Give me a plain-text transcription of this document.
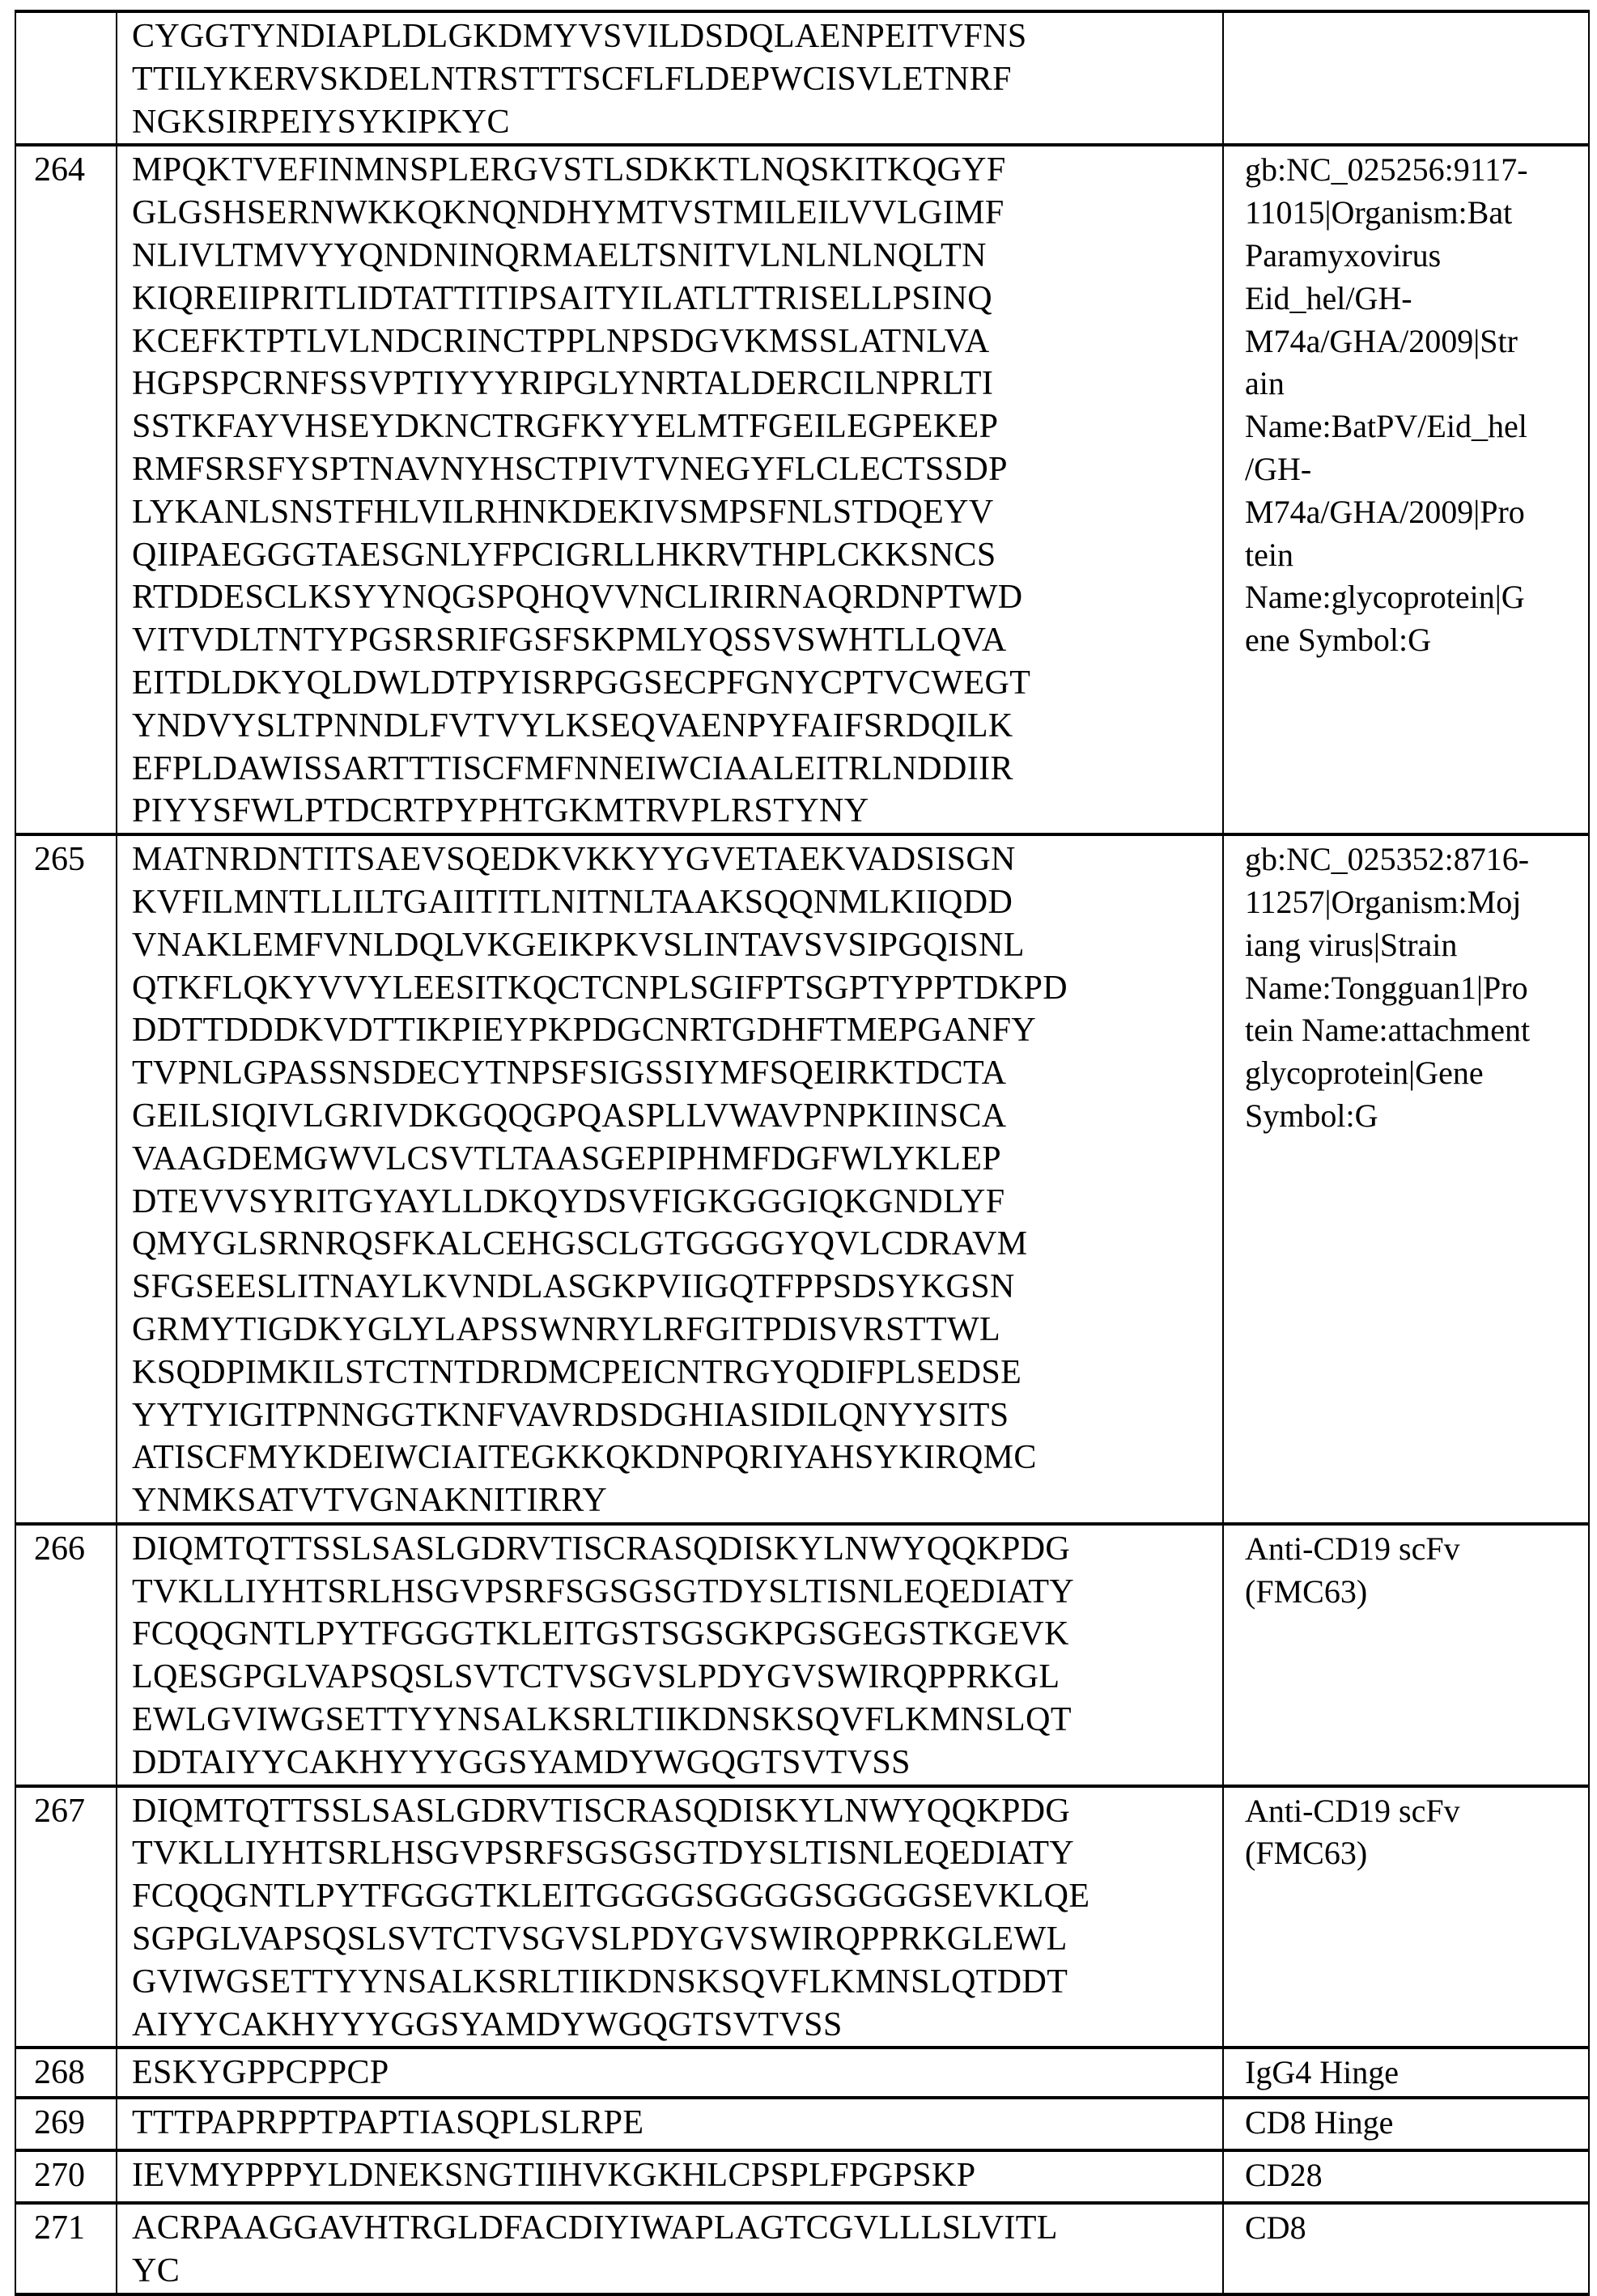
CYGGTYNDIAPLDLGKDMYVSVILDSDQLAENPEITVFNS
TTILYKERVSKDELNTRSTTTSCFLFLDEPWCISVLETNRF
NGKSIRPEIYSYKIPKYC

264	MPQKTVEFINMNSPLERGVSTLSDKKTLNQSKITKQGYF
GLGSHSERNWKKQKNQNDHYMTVSTMILEILVVLGIMF
NLIVLTMVYYQNDNINQRMAELTSNITVLNLNLNQLTN
KIQREIIPRITLIDTATTITIPSAITYILATLTTRISELLPSINQ
KCEFKTPTLVLNDCRINCTPPLNPSDGVKMSSLATNLVA
HGPSPCRNFSSVPTIYYYRIPGLYNRTALDERCILNPRLTI
SSTKFAYVHSEYDKNCTRGFKYYELMTFGEILEGPEKEP
RMFSRSFYSPTNAVNYHSCTPIVTVNEGYFLCLECTSSDP
LYKANLSNSTFHLVILRHNKDEKIVSMPSFNLSTDQEYV
QIIPAEGGGTAESGNLYFPCIGRLLHKRVTHPLCKKSNCS
RTDDESCLKSYYNQGSPQHQVVNCLIRIRNAQRDNPTWD
VITVDLTNTYPGSRSRIFGSFSKPMLYQSSVSWHTLLQVA
EITDLDKYQLDWLDTPYISRPGGSECPFGNYCPTVCWEGT
YNDVYSLTPNNDLFVTVYLKSEQVAENPYFAIFSRDQILK
EFPLDAWISSARTTTISCFMFNNEIWCIAALEITRLNDDIIR
PIYYSFWLPTDCRTPYPHTGKMTRVPLRSTYNY

gb:NC_025256:9117-
11015|Organism:Bat
Paramyxovirus
Eid_hel/GH-
M74a/GHA/2009|Str
ain
Name:BatPV/Eid_hel
/GH-
M74a/GHA/2009|Pro
tein
Name:glycoprotein|G
ene Symbol:G

265	MATNRDNTITSAEVSQEDKVKKYYGVETAEKVADSISGN
KVFILMNTLLILTGAIITITLNITNLTAAKSQQNMLKIIQDD
VNAKLEMFVNLDQLVKGEIKPKVSLINTAVSVSIPGQISNL
QTKFLQKYVVYLEESITKQCTCNPLSGIFPTSGPTYPPTDKPD
DDTTDDDKVDTTIKPIEYPKPDGCNRTGDHFTMEPGANFY
TVPNLGPASSNSDECYTNPSFSIGSSIYMFSQEIRKTDCTA
GEILSIQIVLGRIVDKGQQGPQASPLLVWAVPNPKIINSCA
VAAGDEMGWVLCSVTLTAASGEPIPHMFDGFWLYKLEP
DTEVVSYRITGYAYLLDKQYDSVFIGKGGGIQKGNDLYF
QMYGLSRNRQSFKALCEHGSCLGTGGGGYQVLCDRAVM
SFGSEESLITNAYLKVNDLASGKPVIIGQTFPPSDSYKGSN
GRMYTIGDKYGLYLAPSSWNRYLRFGITPDISVRSTTWL
KSQDPIMKILSTCTNTDRDMCPEICNTRGYQDIFPLSEDSE
YYTYIGITPNNGGTKNFVAVRDSDGHIASIDILQNYYSITS
ATISCFMYKDEIWCIAITEGKKQKDNPQRIYAHSYKIRQMC
YNMKSATVTVGNAKNITIRRY

gb:NC_025352:8716-
11257|Organism:Moj
iang virus|Strain
Name:Tongguan1|Pro
tein Name:attachment
glycoprotein|Gene
Symbol:G

266	DIQMTQTTSSLSASLGDRVTISCRASQDISKYLNWYQQKPDG
TVKLLIYHTSRLHSGVPSRFSGSGSGTDYSLTISNLEQEDIATY
FCQQGNTLPYTFGGGTKLEITGSTSGSGKPGSGEGSTKGEVK
LQESGPGLVAPSQSLSVTCTVSGVSLPDYGVSWIRQPPRKGL
EWLGVIWGSETTYYNSALKSRLTIIKDNSKSQVFLKMNSLQT
DDTAIYYCAKHYYYGGSYAMDYWGQGTSVTVSS

Anti-CD19 scFv
(FMC63)

267	DIQMTQTTSSLSASLGDRVTISCRASQDISKYLNWYQQKPDG
TVKLLIYHTSRLHSGVPSRFSGSGSGTDYSLTISNLEQEDIATY
FCQQGNTLPYTFGGGTKLEITGGGGSGGGGSGGGGSEVKLQE
SGPGLVAPSQSLSVTCTVSGVSLPDYGVSWIRQPPRKGLEWL
GVIWGSETTYYNSALKSRLTIIKDNSKSQVFLKMNSLQTDDT
AIYYCAKHYYYGGSYAMDYWGQGTSVTVSS

Anti-CD19 scFv
(FMC63)

268	ESKYGPPCPPCP	IgG4 Hinge

269	TTTPAPRPPTPAPTIASQPLSLRPE	CD8 Hinge

270	IEVMYPPPYLDNEKSNGTIIHVKGKHLCPSPLFPGPSKP	CD28

271	ACRPAAGGAVHTRGLDFACDIYIWAPLAGTCGVLLLSLVITL
YC

CD8
